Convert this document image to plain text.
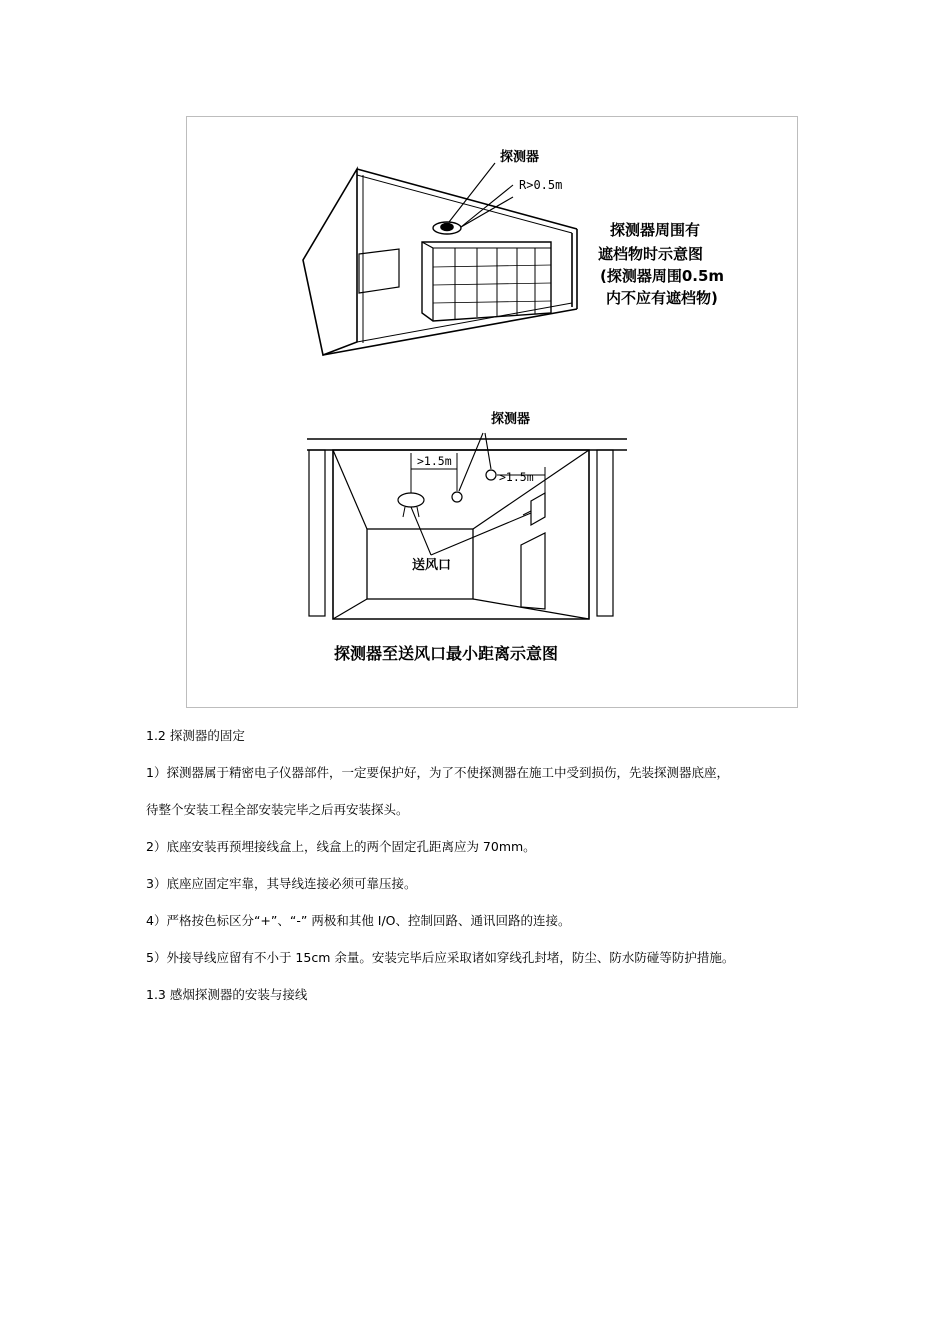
探测器
R>0.5m
探测器周围有
遮档物时示意图
(探测器周围0.5m
内不应有遮档物)
探测器
>1.5m
>1.5m
送风口
探测器至送风口最小距离示意图
1.2 探测器的固定
1）探测器属于精密电子仪器部件，一定要保护好，为了不使探测器在施工中受到损伤，先装探测器底座，
待整个安装工程全部安装完毕之后再安装探头。
2）底座安装再预埋接线盒上，线盒上的两个固定孔距离应为 70mm。
3）底座应固定牢靠，其导线连接必须可靠压接。
4）严格按色标区分“+”、“-” 两极和其他 I/O、控制回路、通讯回路的连接。
5）外接导线应留有不小于 15cm 余量。安装完毕后应采取诸如穿线孔封堵，防尘、防水防碰等防护措施。
1.3 感烟探测器的安装与接线
